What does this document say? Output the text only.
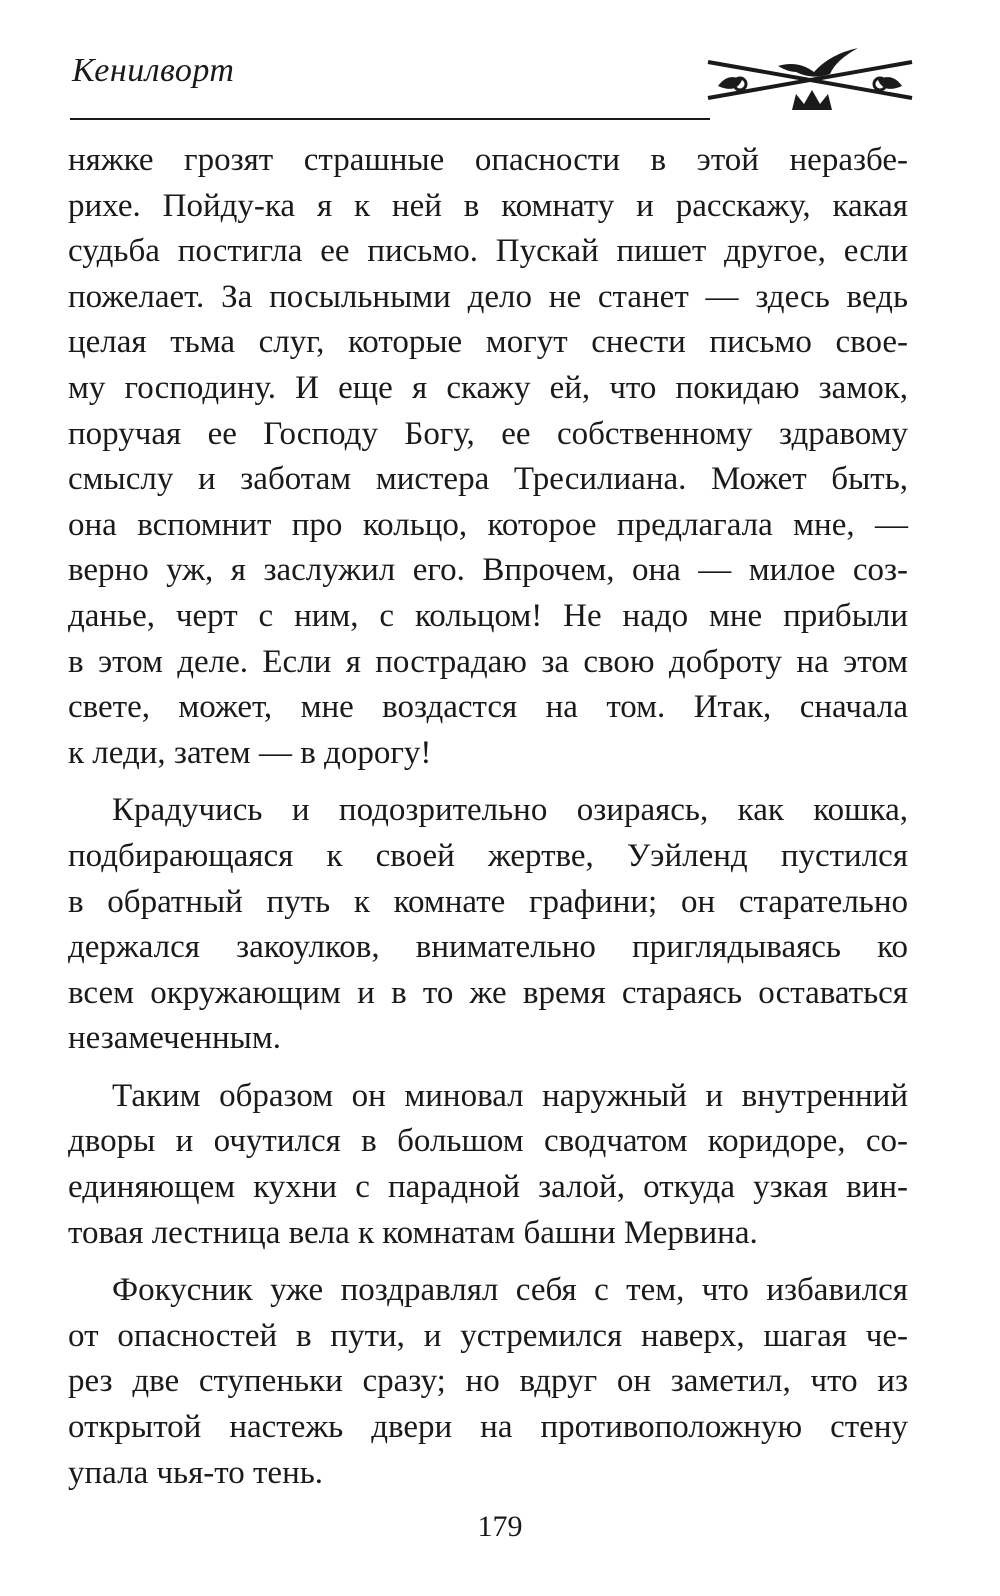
Кенилворт

няжке грозят страшные опасности в этой неразбе-
рихе. Пойду-ка я к ней в комнату и расскажу, какая
судьба постигла ее письмо. Пускай пишет другое, если
пожелает. За посыльными дело не станет — здесь ведь
целая тьма слуг, которые могут снести письмо свое-
му господину. И еще я скажу ей, что покидаю замок,
поручая ее Господу Богу, ее собственному здравому
смыслу и заботам мистера Тресилиана. Может быть,
она вспомнит про кольцо, которое предлагала мне, —
верно уж, я заслужил его. Впрочем, она — милое соз-
данье, черт с ним, с кольцом! Не надо мне прибыли
в этом деле. Если я пострадаю за свою доброту на этом
свете, может, мне воздастся на том. Итак, сначала
к леди, затем — в дорогу!

Крадучись и подозрительно озираясь, как кошка,
подбирающаяся к своей жертве, Уэйленд пустился
в обратный путь к комнате графини; он старательно
держался закоулков, внимательно приглядываясь ко
всем окружающим и в то же время стараясь оставаться
незамеченным.

Таким образом он миновал наружный и внутренний
дворы и очутился в большом сводчатом коридоре, со-
единяющем кухни с парадной залой, откуда узкая вин-
товая лестница вела к комнатам башни Мервина.

Фокусник уже поздравлял себя с тем, что избавился
от опасностей в пути, и устремился наверх, шагая че-
рез две ступеньки сразу; но вдруг он заметил, что из
открытой настежь двери на противоположную стену
упала чья-то тень.

179
